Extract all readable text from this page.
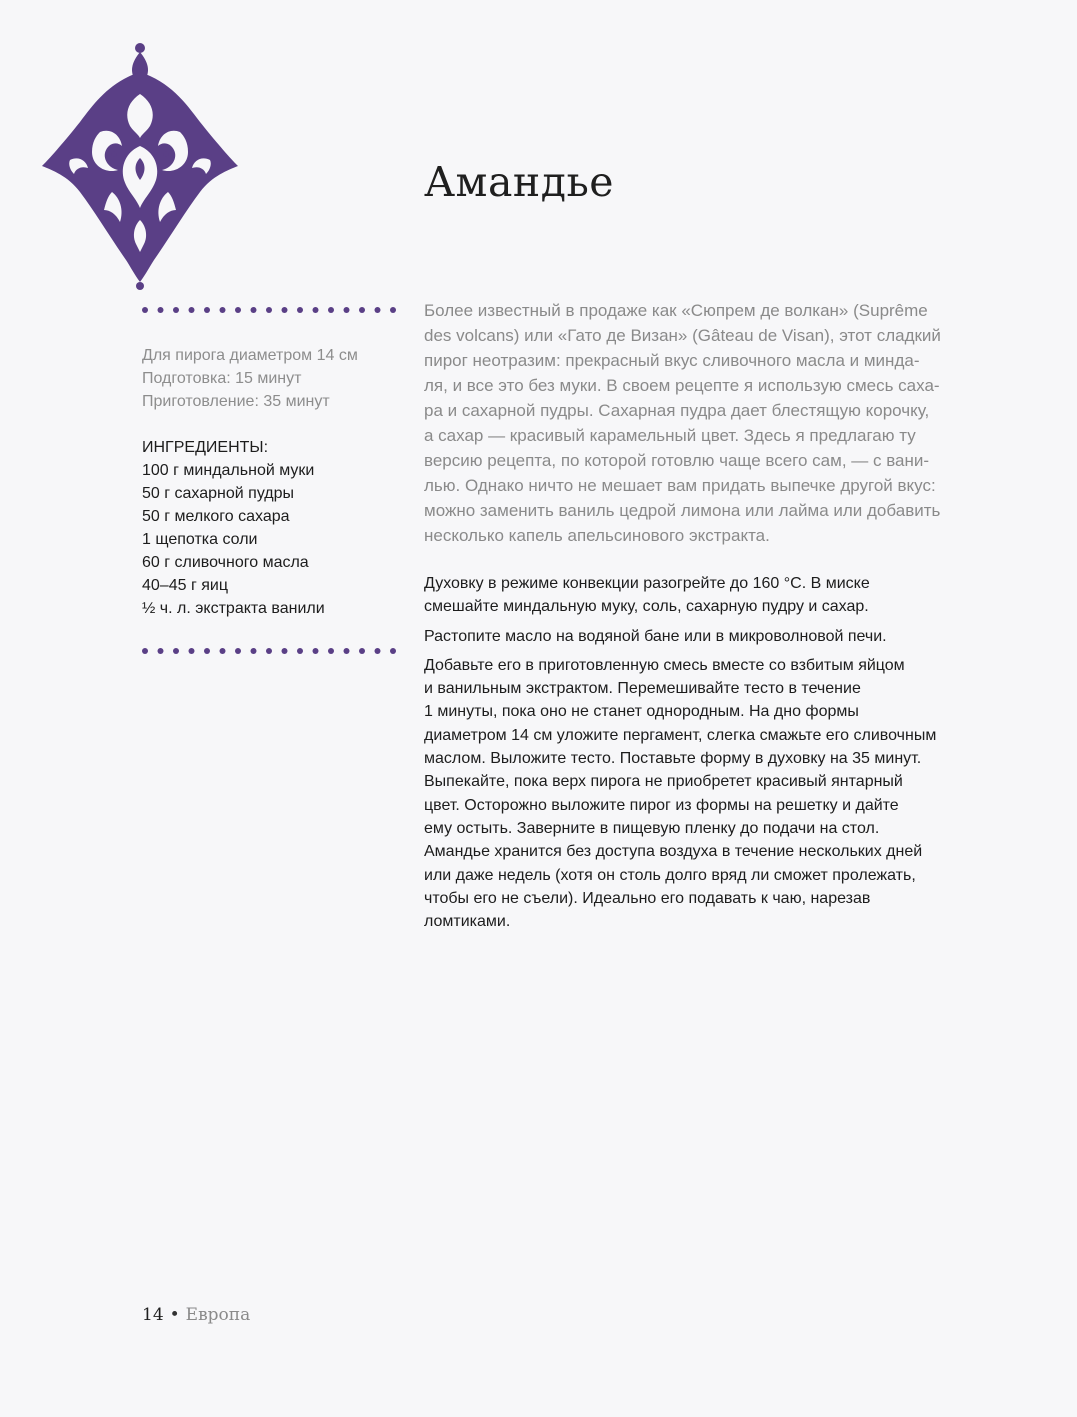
Амандье
Для пирога диаметром 14 см
Подготовка: 15 минут
Приготовление: 35 минут
ИНГРЕДИЕНТЫ:
100 г миндальной муки
50 г сахарной пудры
50 г мелкого сахара
1 щепотка соли
60 г сливочного масла
40–45 г яиц
½ ч. л. экстракта ванили
Более известный в продаже как «Сюпрем де волкан» (Suprême
des volcans) или «Гато де Визан» (Gâteau de Visan), этот сладкий
пирог неотразим: прекрасный вкус сливочного масла и минда-
ля, и все это без муки. В своем рецепте я использую смесь саха-
ра и сахарной пудры. Сахарная пудра дает блестящую корочку,
а сахар — красивый карамельный цвет. Здесь я предлагаю ту
версию рецепта, по которой готовлю чаще всего сам, — с вани-
лью. Однако ничто не мешает вам придать выпечке другой вкус:
можно заменить ваниль цедрой лимона или лайма или добавить
несколько капель апельсинового экстракта.
Духовку в режиме конвекции разогрейте до 160 °С. В миске
смешайте миндальную муку, соль, сахарную пудру и сахар.
Растопите масло на водяной бане или в микроволновой печи.
Добавьте его в приготовленную смесь вместе со взбитым яйцом
и ванильным экстрактом. Перемешивайте тесто в течение
1 минуты, пока оно не станет однородным. На дно формы
диаметром 14 см уложите пергамент, слегка смажьте его сливочным
маслом. Выложите тесто. Поставьте форму в духовку на 35 минут.
Выпекайте, пока верх пирога не приобретет красивый янтарный
цвет. Осторожно выложите пирог из формы на решетку и дайте
ему остыть. Заверните в пищевую пленку до подачи на стол.
Амандье хранится без доступа воздуха в течение нескольких дней
или даже недель (хотя он столь долго вряд ли сможет пролежать,
чтобы его не съели). Идеально его подавать к чаю, нарезав
ломтиками.
14 • Европа
